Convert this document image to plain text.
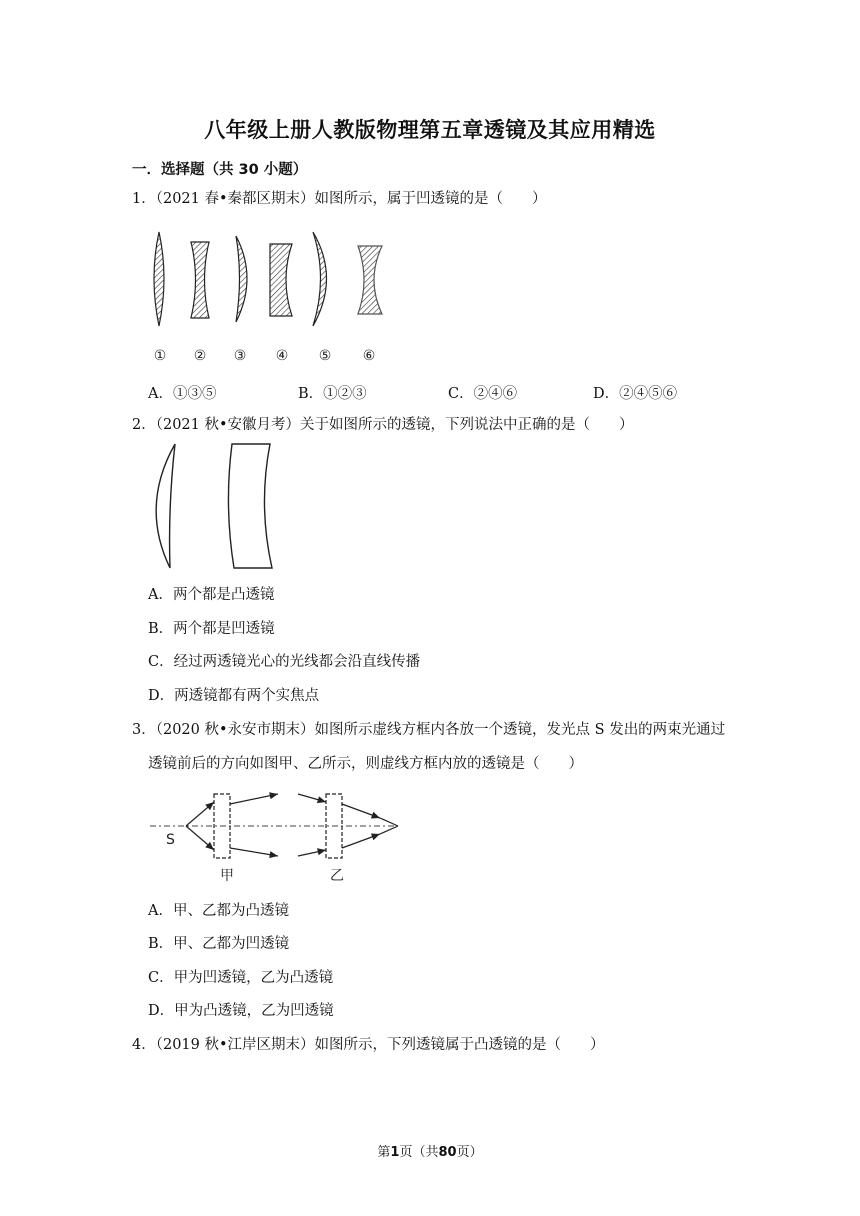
八年级上册人教版物理第五章透镜及其应用精选
一．选择题（共 30 小题）
1．（2021 春•秦都区期末）如图所示，属于凹透镜的是（　　）
① ② ③ ④ ⑤ ⑥
A．①③⑤	B．①②③	C．②④⑥	D．②④⑤⑥
2．（2021 秋•安徽月考）关于如图所示的透镜，下列说法中正确的是（　　）
A．两个都是凸透镜
B．两个都是凹透镜
C．经过两透镜光心的光线都会沿直线传播
D．两透镜都有两个实焦点
3．（2020 秋•永安市期末）如图所示虚线方框内各放一个透镜，发光点 S 发出的两束光通过
透镜前后的方向如图甲、乙所示，则虚线方框内放的透镜是（　　）
S
甲	乙
A．甲、乙都为凸透镜
B．甲、乙都为凹透镜
C．甲为凹透镜，乙为凸透镜
D．甲为凸透镜，乙为凹透镜
4．（2019 秋•江岸区期末）如图所示，下列透镜属于凸透镜的是（　　）
第1页（共80页）
